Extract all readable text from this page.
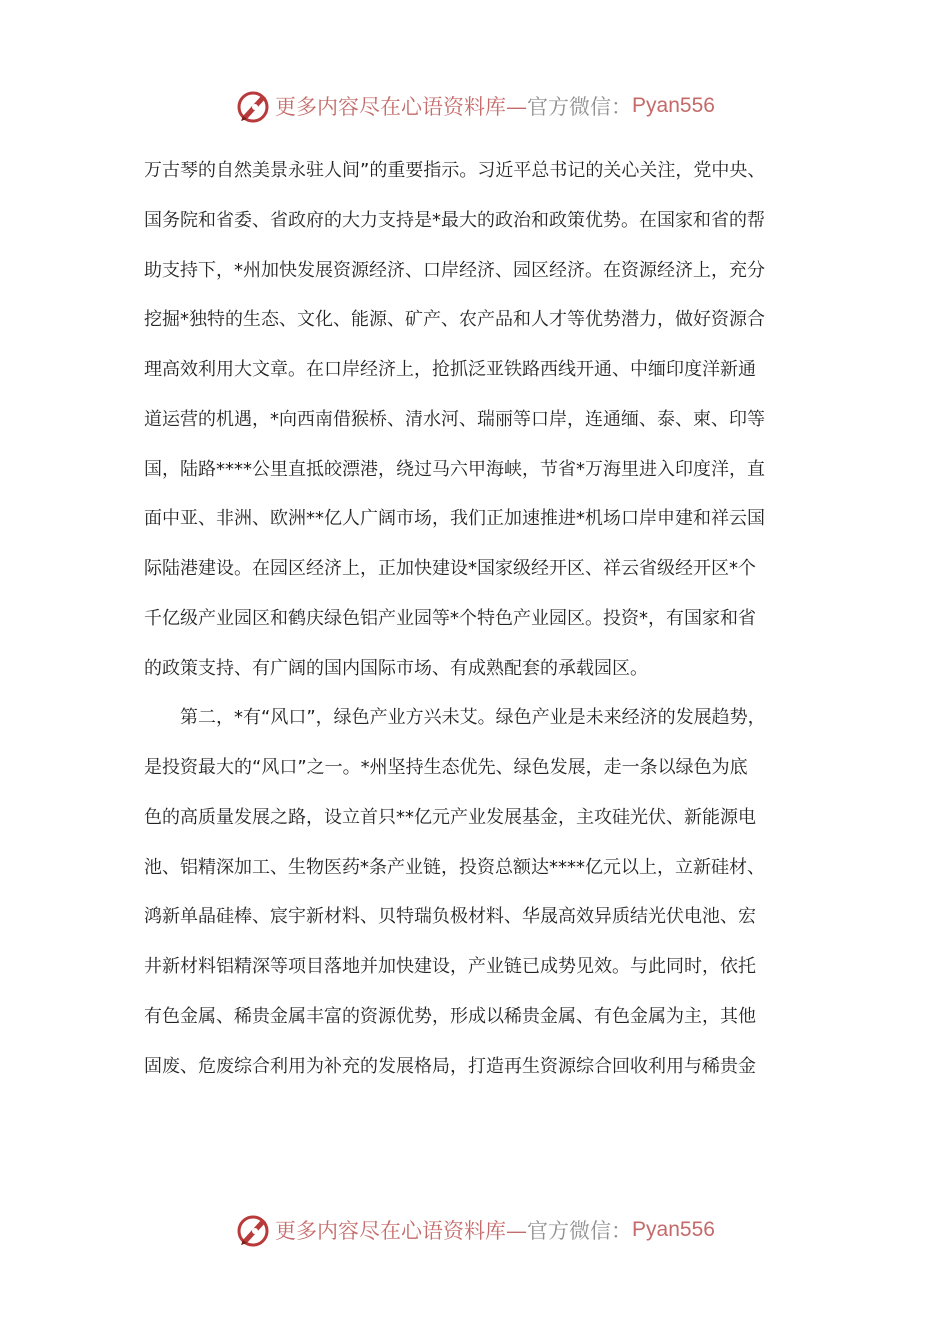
更多内容尽在心语资料库— 官方微信： Pyan556
万古琴的自然美景永驻人间”的重要指示。习近平总书记的关心关注，党中央、
国务院和省委、省政府的大力支持是*最大的政治和政策优势。在国家和省的帮
助支持下，*州加快发展资源经济、口岸经济、园区经济。在资源经济上，充分
挖掘*独特的生态、文化、能源、矿产、农产品和人才等优势潜力，做好资源合
理高效利用大文章。在口岸经济上，抢抓泛亚铁路西线开通、中缅印度洋新通
道运营的机遇，*向西南借猴桥、清水河、瑞丽等口岸，连通缅、泰、柬、印等
国，陆路****公里直抵皎漂港，绕过马六甲海峡，节省*万海里进入印度洋，直
面中亚、非洲、欧洲**亿人广阔市场，我们正加速推进*机场口岸申建和祥云国
际陆港建设。在园区经济上，正加快建设*国家级经开区、祥云省级经开区*个
千亿级产业园区和鹤庆绿色铝产业园等*个特色产业园区。投资*，有国家和省
的政策支持、有广阔的国内国际市场、有成熟配套的承载园区。
第二，*有“风口”，绿色产业方兴未艾。绿色产业是未来经济的发展趋势，
是投资最大的“风口”之一。*州坚持生态优先、绿色发展，走一条以绿色为底
色的高质量发展之路，设立首只**亿元产业发展基金，主攻硅光伏、新能源电
池、铝精深加工、生物医药*条产业链，投资总额达****亿元以上，立新硅材、
鸿新单晶硅棒、宸宇新材料、贝特瑞负极材料、华晟高效异质结光伏电池、宏
井新材料铝精深等项目落地并加快建设，产业链已成势见效。与此同时，依托
有色金属、稀贵金属丰富的资源优势，形成以稀贵金属、有色金属为主，其他
固废、危废综合利用为补充的发展格局，打造再生资源综合回收利用与稀贵金
更多内容尽在心语资料库— 官方微信： Pyan556
